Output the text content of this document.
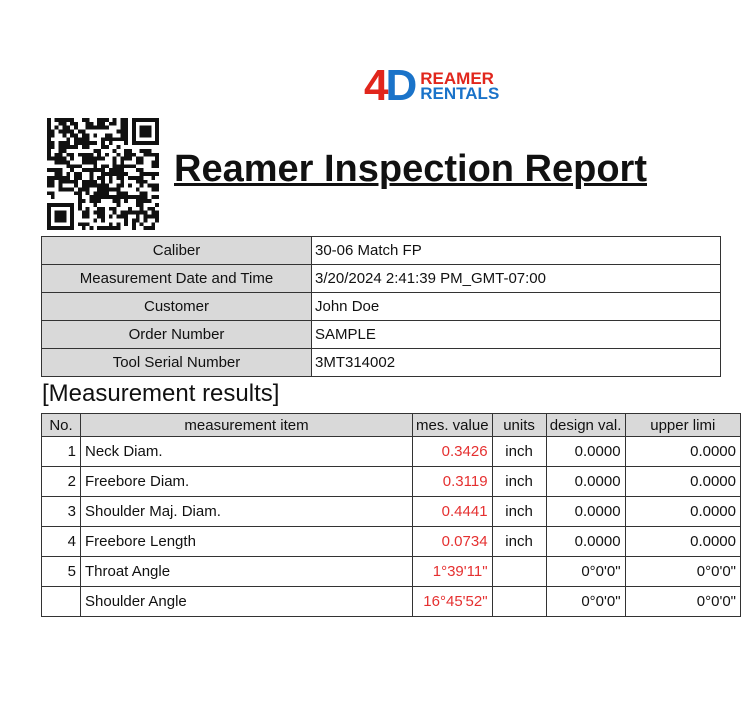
4D REAMER
RENTALS
Reamer Inspection Report
Caliber	30-06 Match FP
Measurement Date and Time	3/20/2024 2:41:39 PM_GMT-07:00
Customer	John Doe
Order Number	SAMPLE
Tool Serial Number	3MT314002
[Measurement results]
No.	measurement item	mes. value	units	design val.	upper limi
1	Neck Diam.	0.3426	inch	0.0000	0.0000
2	Freebore Diam.	0.3119	inch	0.0000	0.0000
3	Shoulder Maj. Diam.	0.4441	inch	0.0000	0.0000
4	Freebore Length	0.0734	inch	0.0000	0.0000
5	Throat Angle	1°39'11"		0°0'0"	0°0'0"
	Shoulder Angle	16°45'52"		0°0'0"	0°0'0"
